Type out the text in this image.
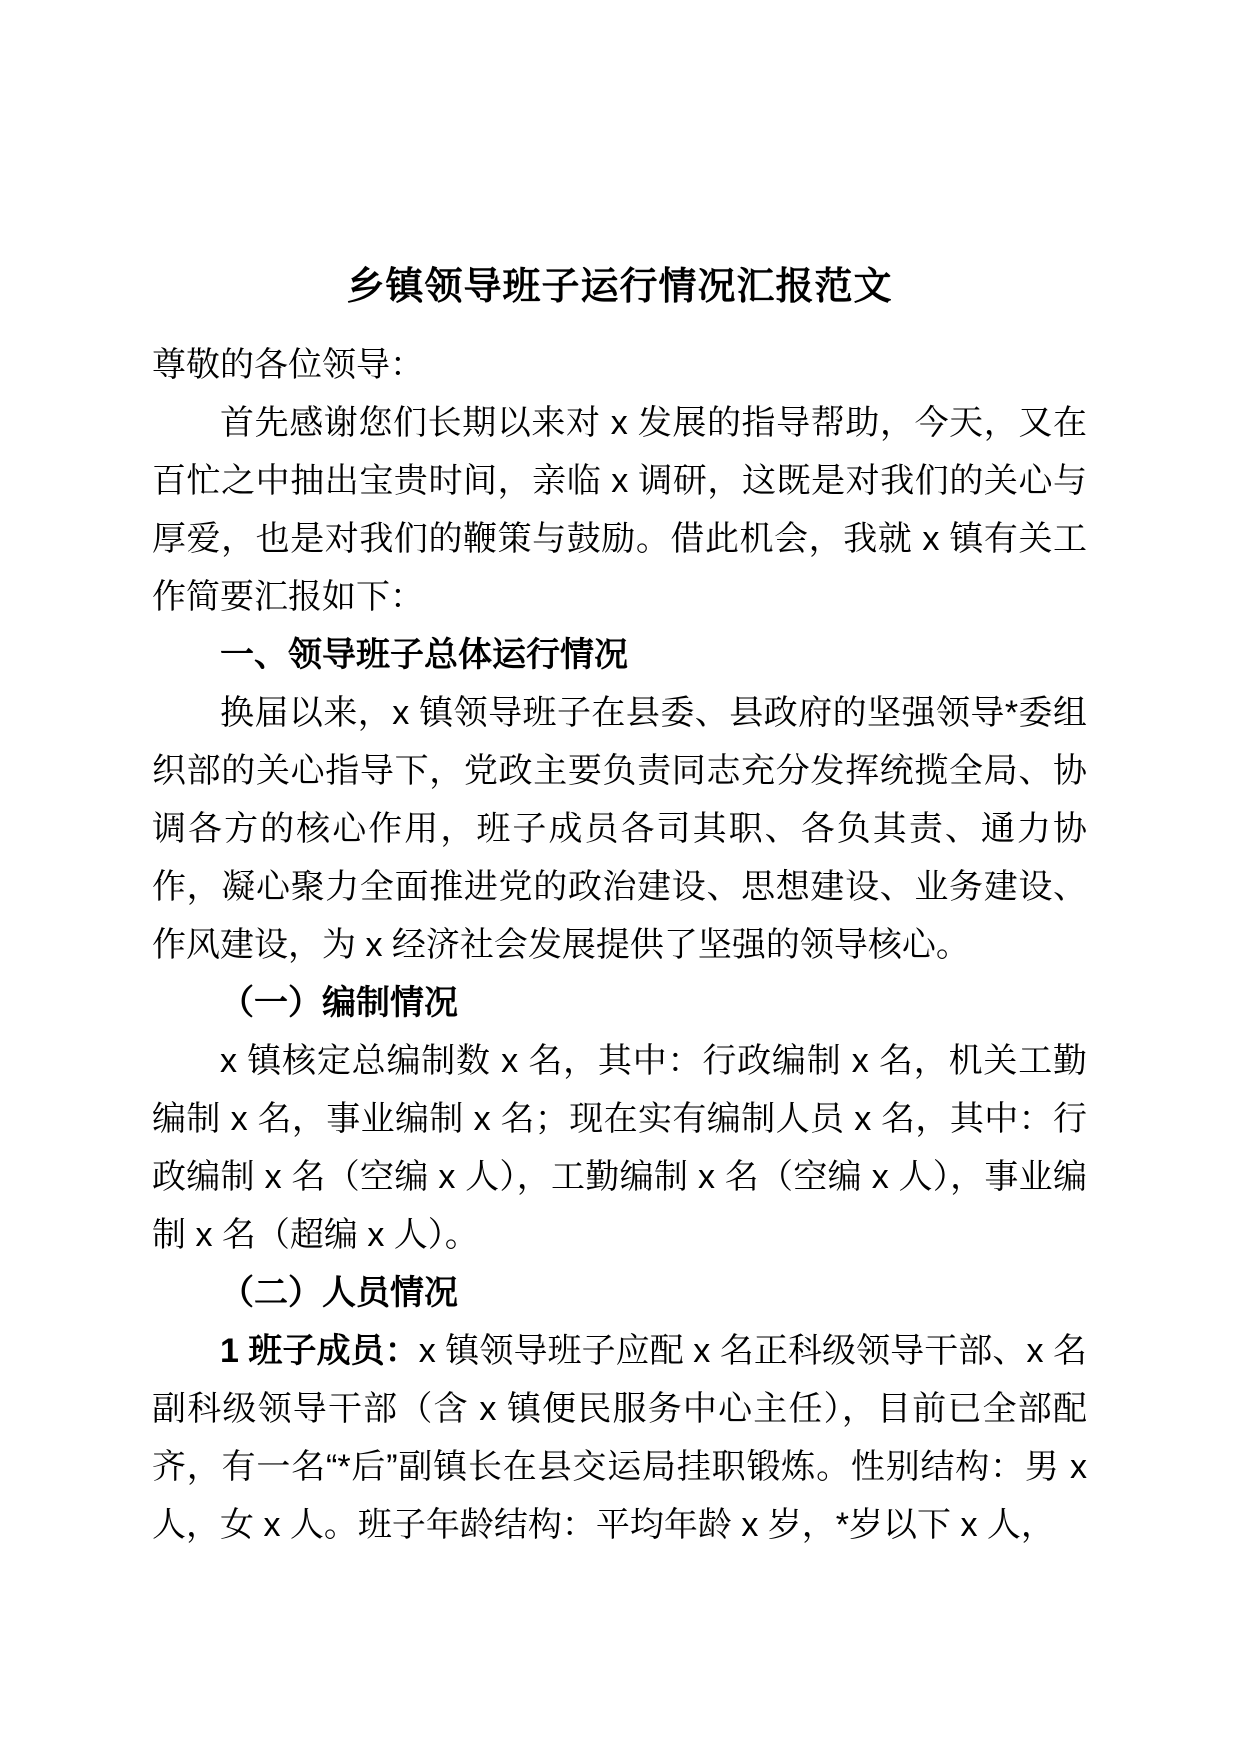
乡镇领导班子运行情况汇报范文

尊敬的各位领导：

首先感谢您们长期以来对 x 发展的指导帮助，今天，又在百忙之中抽出宝贵时间，亲临 x 调研，这既是对我们的关心与厚爱，也是对我们的鞭策与鼓励。借此机会，我就 x 镇有关工作简要汇报如下：

一、领导班子总体运行情况

换届以来，x 镇领导班子在县委、县政府的坚强领导*委组织部的关心指导下，党政主要负责同志充分发挥统揽全局、协调各方的核心作用，班子成员各司其职、各负其责、通力协作，凝心聚力全面推进党的政治建设、思想建设、业务建设、作风建设，为 x 经济社会发展提供了坚强的领导核心。

（一）编制情况

x 镇核定总编制数 x 名，其中：行政编制 x 名，机关工勤编制 x 名，事业编制 x 名；现在实有编制人员 x 名，其中：行政编制 x 名（空编 x 人），工勤编制 x 名（空编 x 人），事业编制 x 名（超编 x 人）。

（二）人员情况

1 班子成员：x 镇领导班子应配 x 名正科级领导干部、x 名副科级领导干部（含 x 镇便民服务中心主任），目前已全部配齐，有一名“*后”副镇长在县交运局挂职锻炼。性别结构：男 x 人，女 x 人。班子年龄结构：平均年龄 x 岁，*岁以下 x 人，
